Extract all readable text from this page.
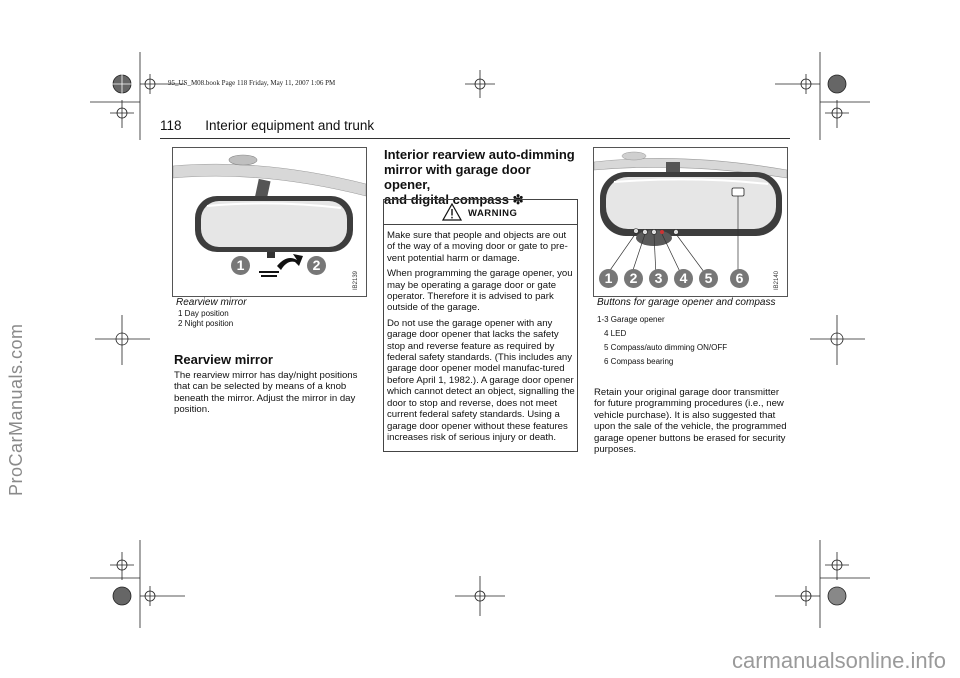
95_US_M08.book Page 118 Friday, May 11, 2007 1:06 PM
ProCarManuals.com
118 Interior equipment and trunk
1	2
IB2139
Rearview mirror
1 Day position
2 Night position
Rearview mirror
The rearview mirror has day/night positions that can be selected by means of a knob beneath the mirror. Adjust the mirror in day position.
Interior rearview auto-dimming
mirror with garage door opener,
and digital compass ❇
WARNING
Make sure that people and objects are out of the way of a moving door or gate to pre-vent potential harm or damage.
When programming the garage opener, you may be operating a garage door or gate operator. Therefore it is advised to park outside of the garage.
Do not use the garage opener with any garage door opener that lacks the safety stop and reverse feature as required by federal safety standards. (This includes any garage door opener model manufac-tured before April 1, 1982.). A garage door opener which cannot detect an object, signalling the door to stop and reverse, does not meet current federal safety standards. Using a garage door opener without these features increases risk of serious injury or death.
1	2	3	4	5	6	IB2140
Buttons for garage opener and compass
1-3 Garage opener
4 LED
5 Compass/auto dimming ON/OFF
6 Compass bearing
Retain your original garage door transmitter for future programming procedures (i.e., new vehicle purchase). It is also suggested that upon the sale of the vehicle, the programmed garage opener buttons be erased for security purposes.
carmanualsonline.info
